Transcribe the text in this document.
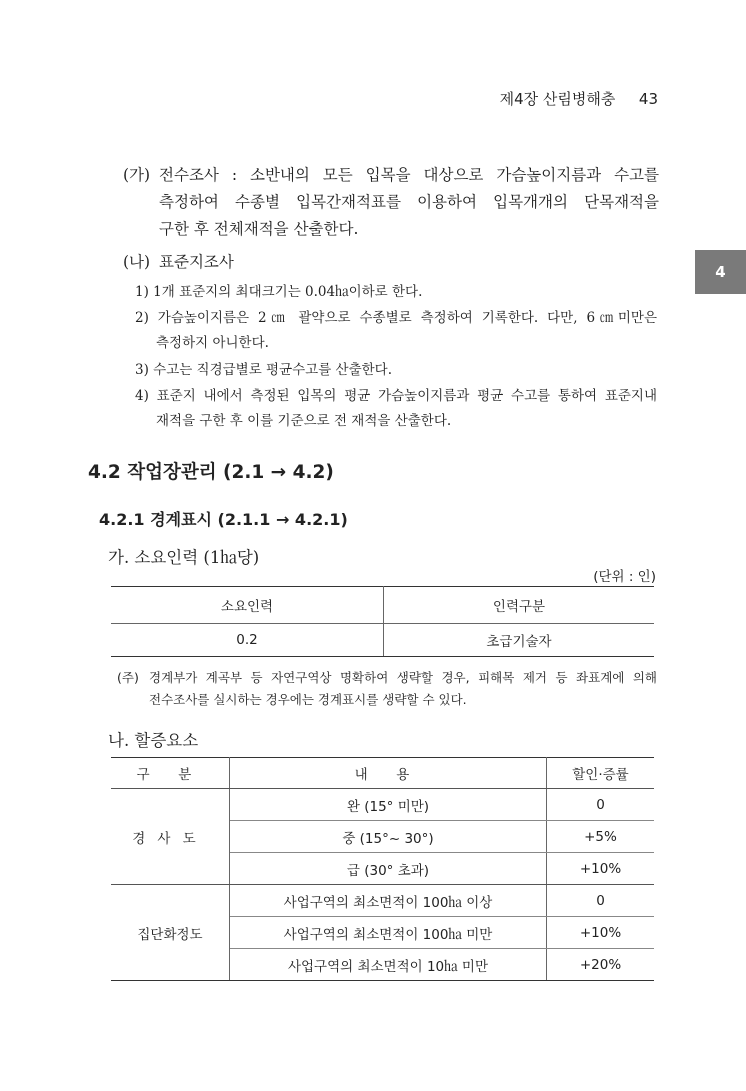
제4장 산림병해충 43
4
(가) 전수조사 : 소반내의 모든 입목을 대상으로 가슴높이지름과 수고를
측정하여 수종별 입목간재적표를 이용하여 입목개개의 단목재적을
구한 후 전체재적을 산출한다.
(나) 표준지조사
1) 1개 표준지의 최대크기는 0.04㏊이하로 한다.
2) 가슴높이지름은 2㎝ 괄약으로 수종별로 측정하여 기록한다. 다만, 6㎝미만은
측정하지 아니한다.
3) 수고는 직경급별로 평균수고를 산출한다.
4) 표준지 내에서 측정된 입목의 평균 가슴높이지름과 평균 수고를 통하여 표준지내
재적을 구한 후 이를 기준으로 전 재적을 산출한다.
4.2 작업장관리 (2.1 → 4.2)
4.2.1 경계표시 (2.1.1 → 4.2.1)
가. 소요인력 (1㏊당)
(단위 : 인)
소요인력	인력구분
0.2	초급기술자
(주) 경계부가 계곡부 등 자연구역상 명확하여 생략할 경우, 피해목 제거 등 좌표계에 의해
전수조사를 실시하는 경우에는 경계표시를 생략할 수 있다.
나. 할증요소
구 분	내 용	할인·증률
경사도	완 (15° 미만)	0
	중 (15°~ 30°)	+5%
	급 (30° 초과)	+10%
집단화정도	사업구역의 최소면적이 100㏊ 이상	0
	사업구역의 최소면적이 100㏊ 미만	+10%
	사업구역의 최소면적이 10㏊ 미만	+20%
